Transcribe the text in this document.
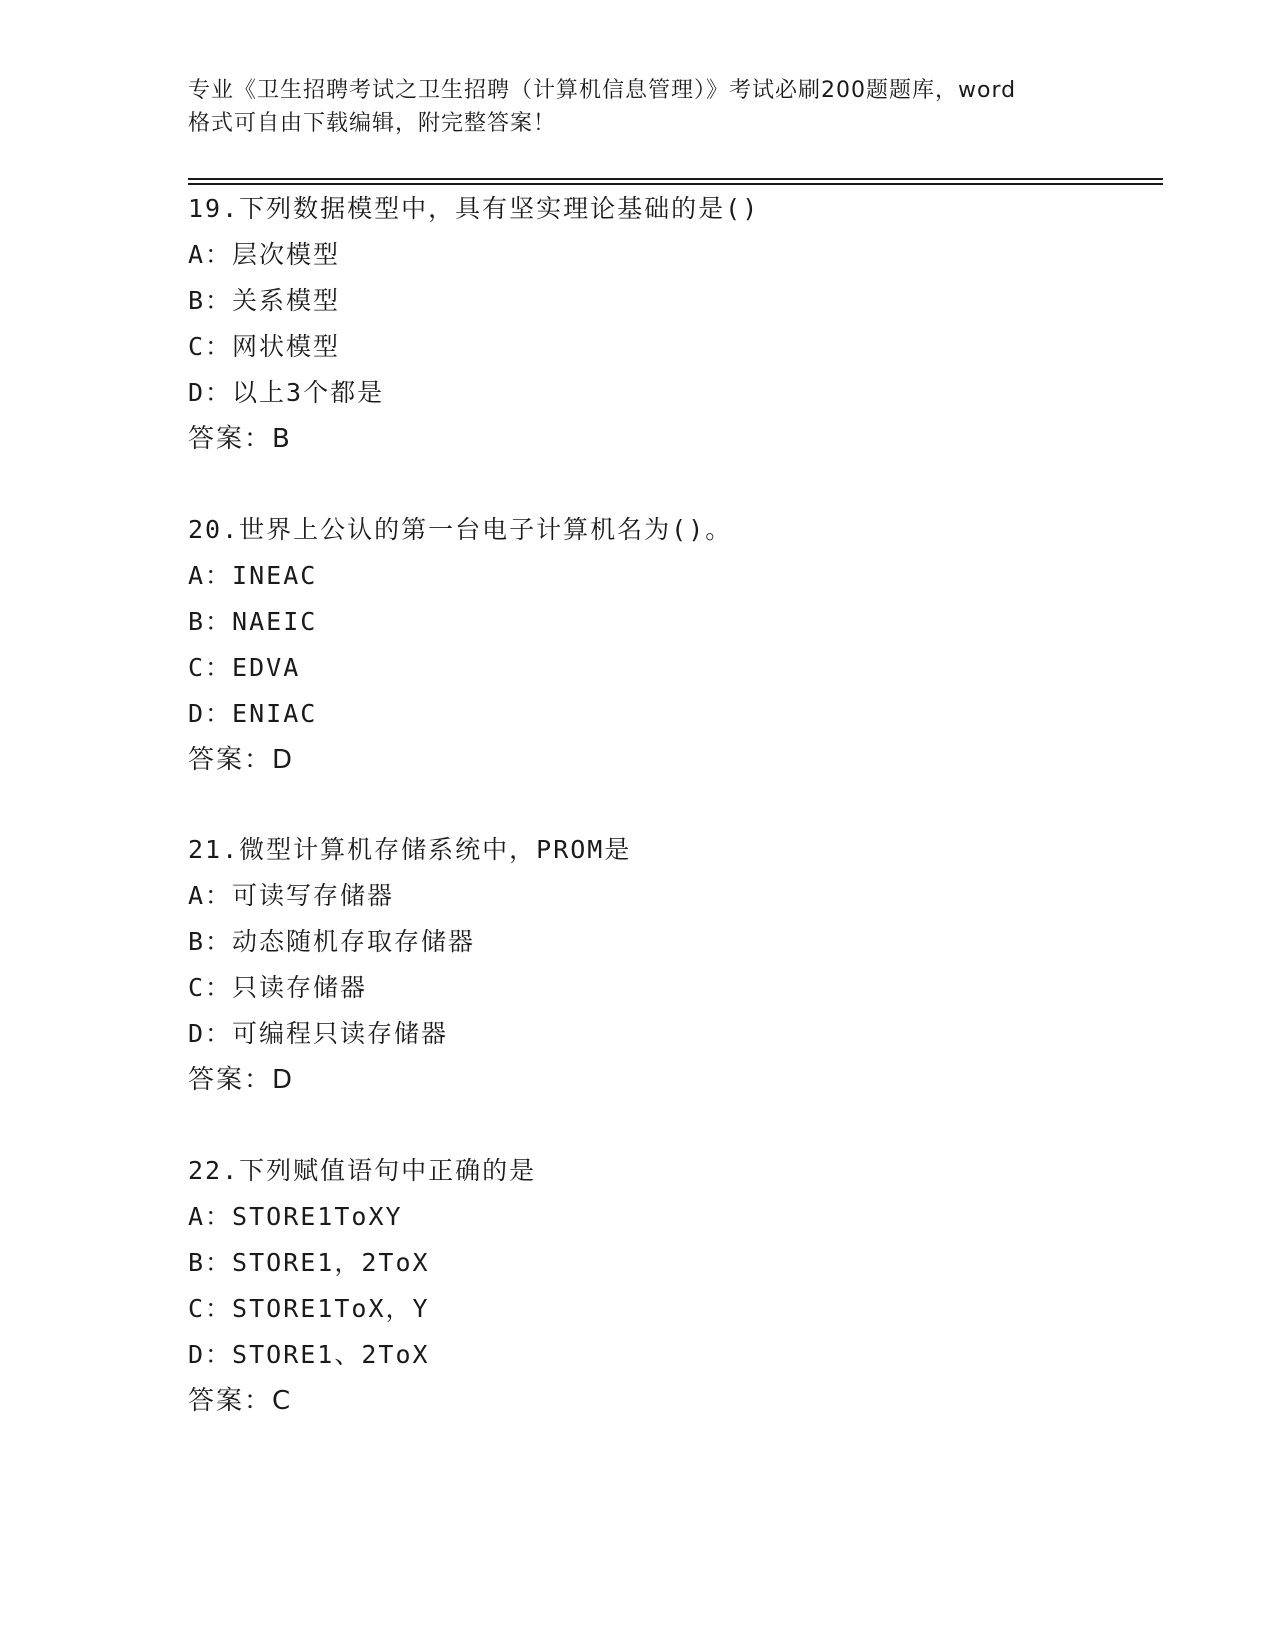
专业《卫生招聘考试之卫生招聘（计算机信息管理）》考试必刷200题题库，word
格式可自由下载编辑，附完整答案！
19.下列数据模型中，具有坚实理论基础的是()
A：层次模型
B：关系模型
C：网状模型
D：以上3个都是
答案：B
20.世界上公认的第一台电子计算机名为()。
A：INEAC
B：NAEIC
C：EDVA
D：ENIAC
答案：D
21.微型计算机存储系统中，PROM是
A：可读写存储器
B：动态随机存取存储器
C：只读存储器
D：可编程只读存储器
答案：D
22.下列赋值语句中正确的是
A：STORE1ToXY
B：STORE1，2ToX
C：STORE1ToX，Y
D：STORE1、2ToX
答案：C
